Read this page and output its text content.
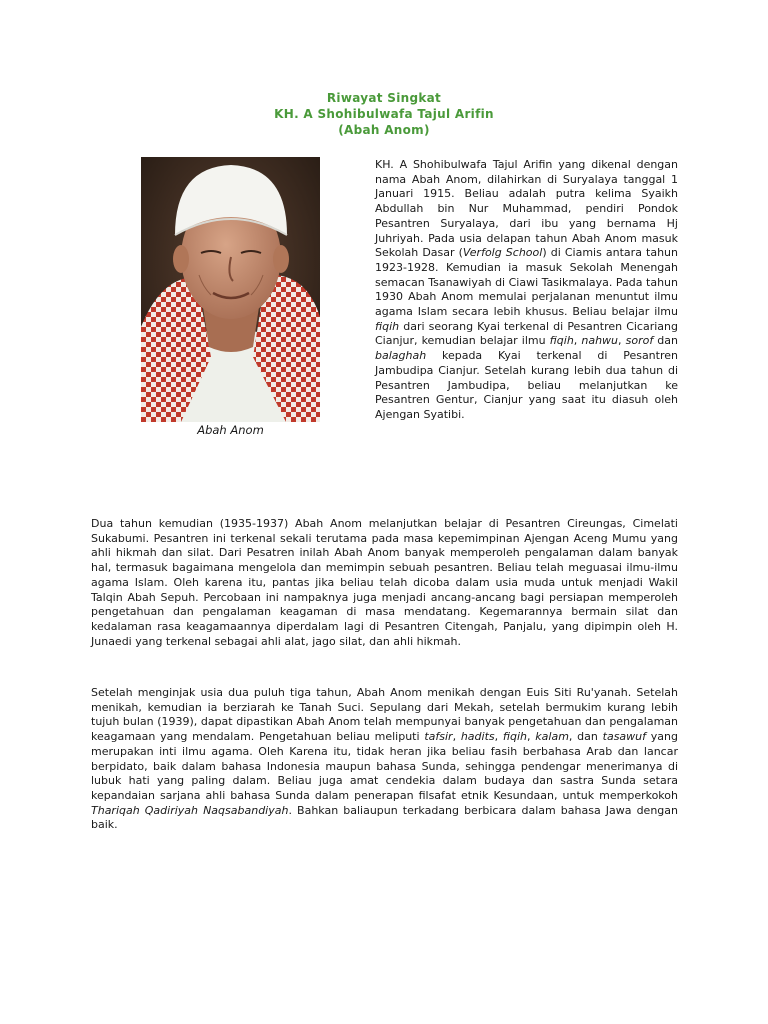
Riwayat Singkat
KH. A Shohibulwafa Tajul Arifin
(Abah Anom)
Abah Anom

KH. A Shohibulwafa Tajul Arifin yang dikenal dengan nama Abah Anom, dilahirkan di Suryalaya tanggal 1 Januari 1915. Beliau adalah putra kelima Syaikh Abdullah bin Nur Muhammad, pendiri Pondok Pesantren Suryalaya, dari ibu yang bernama Hj Juhriyah. Pada usia delapan tahun Abah Anom masuk Sekolah Dasar (Verfolg School) di Ciamis antara tahun 1923-1928. Kemudian ia masuk Sekolah Menengah semacan Tsanawiyah di Ciawi Tasikmalaya. Pada tahun 1930 Abah Anom memulai perjalanan menuntut ilmu agama Islam secara lebih khusus. Beliau belajar ilmu fiqih dari seorang Kyai terkenal di Pesantren Cicariang Cianjur, kemudian belajar ilmu fiqih, nahwu, sorof dan balaghah kepada Kyai terkenal di Pesantren Jambudipa Cianjur. Setelah kurang lebih dua tahun di Pesantren Jambudipa, beliau melanjutkan ke Pesantren Gentur, Cianjur yang saat itu diasuh oleh Ajengan Syatibi.

Dua tahun kemudian (1935-1937) Abah Anom melanjutkan belajar di Pesantren Cireungas, Cimelati Sukabumi. Pesantren ini terkenal sekali terutama pada masa kepemimpinan Ajengan Aceng Mumu yang ahli hikmah dan silat. Dari Pesatren inilah Abah Anom banyak memperoleh pengalaman dalam banyak hal, termasuk bagaimana mengelola dan memimpin sebuah pesantren. Beliau telah meguasai ilmu-ilmu agama Islam. Oleh karena itu, pantas jika beliau telah dicoba dalam usia muda untuk menjadi Wakil Talqin Abah Sepuh. Percobaan ini nampaknya juga menjadi ancang-ancang bagi persiapan memperoleh pengetahuan dan pengalaman keagaman di masa mendatang. Kegemarannya bermain silat dan kedalaman rasa keagamaannya diperdalam lagi di Pesantren Citengah, Panjalu, yang dipimpin oleh H. Junaedi yang terkenal sebagai ahli alat, jago silat, dan ahli hikmah.

Setelah menginjak usia dua puluh tiga tahun, Abah Anom menikah dengan Euis Siti Ru'yanah. Setelah menikah, kemudian ia berziarah ke Tanah Suci. Sepulang dari Mekah, setelah bermukim kurang lebih tujuh bulan (1939), dapat dipastikan Abah Anom telah mempunyai banyak pengetahuan dan pengalaman keagamaan yang mendalam. Pengetahuan beliau meliputi tafsir, hadits, fiqih, kalam, dan tasawuf yang merupakan inti ilmu agama. Oleh Karena itu, tidak heran jika beliau fasih berbahasa Arab dan lancar berpidato, baik dalam bahasa Indonesia maupun bahasa Sunda, sehingga pendengar menerimanya di lubuk hati yang paling dalam. Beliau juga amat cendekia dalam budaya dan sastra Sunda setara kepandaian sarjana ahli bahasa Sunda dalam penerapan filsafat etnik Kesundaan, untuk memperkokoh Thariqah Qadiriyah Naqsabandiyah. Bahkan baliaupun terkadang berbicara dalam bahasa Jawa dengan baik.
